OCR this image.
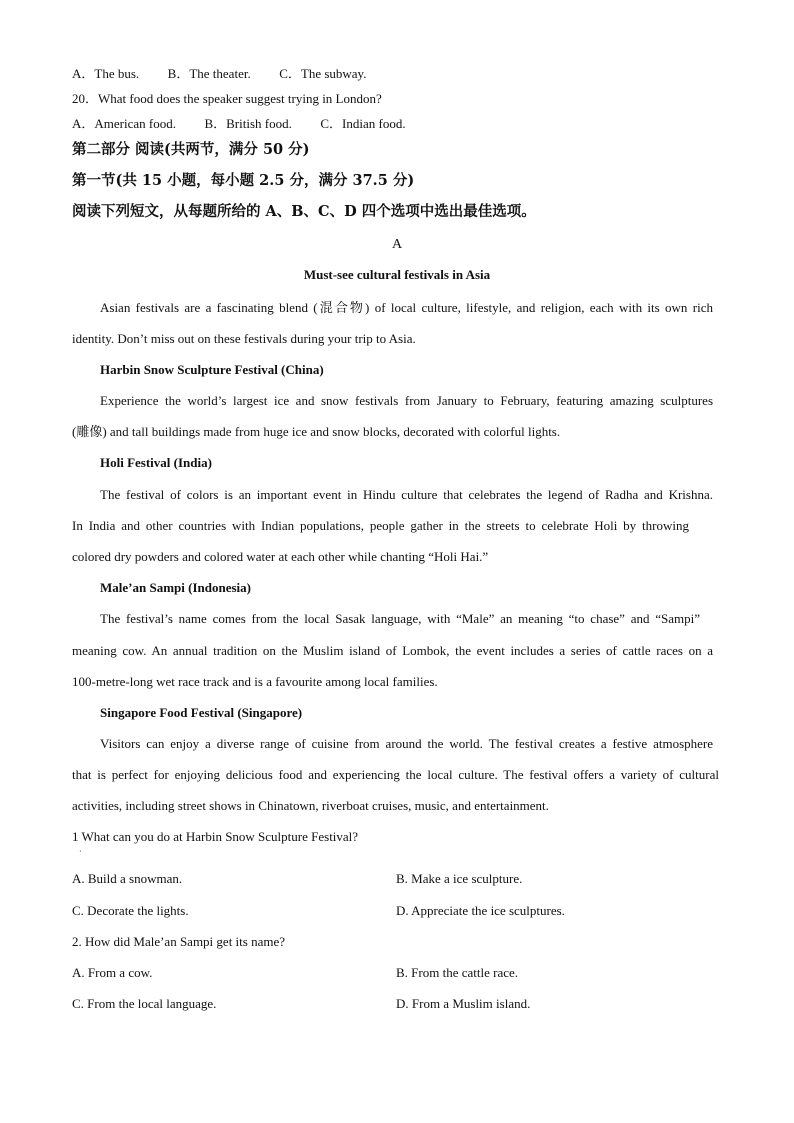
A．The bus. B．The theater. C．The subway.
20．What food does the speaker suggest trying in London?
A．American food. B．British food. C．Indian food.
第二部分 阅读(共两节，满分 50 分)
第一节(共 15 小题，每小题 2.5 分，满分 37.5 分)
阅读下列短文，从每题所给的 A、B、C、D 四个选项中选出最佳选项。
A
Must-see cultural festivals in Asia
Asian festivals are a fascinating blend (混合物) of local culture, lifestyle, and religion, each with its own rich
identity. Don’t miss out on these festivals during your trip to Asia.
Harbin Snow Sculpture Festival (China)
Experience the world’s largest ice and snow festivals from January to February, featuring amazing sculptures
(雕像) and tall buildings made from huge ice and snow blocks, decorated with colorful lights.
Holi Festival (India)
The festival of colors is an important event in Hindu culture that celebrates the legend of Radha and Krishna.
In India and other countries with Indian populations, people gather in the streets to celebrate Holi by throwing
colored dry powders and colored water at each other while chanting “Holi Hai.”
Male’an Sampi (Indonesia)
The festival’s name comes from the local Sasak language, with “Male” an meaning “to chase” and “Sampi”
meaning cow. An annual tradition on the Muslim island of Lombok, the event includes a series of cattle races on a
100-metre-long wet race track and is a favourite among local families.
Singapore Food Festival (Singapore)
Visitors can enjoy a diverse range of cuisine from around the world. The festival creates a festive atmosphere
that is perfect for enjoying delicious food and experiencing the local culture. The festival offers a variety of cultural
activities, including street shows in Chinatown, riverboat cruises, music, and entertainment.
1 What can you do at Harbin Snow Sculpture Festival?
·
A. Build a snowman.	B. Make a ice sculpture.
C. Decorate the lights.	D. Appreciate the ice sculptures.
2. How did Male’an Sampi get its name?
A. From a cow.	B. From the cattle race.
C. From the local language.	D. From a Muslim island.
